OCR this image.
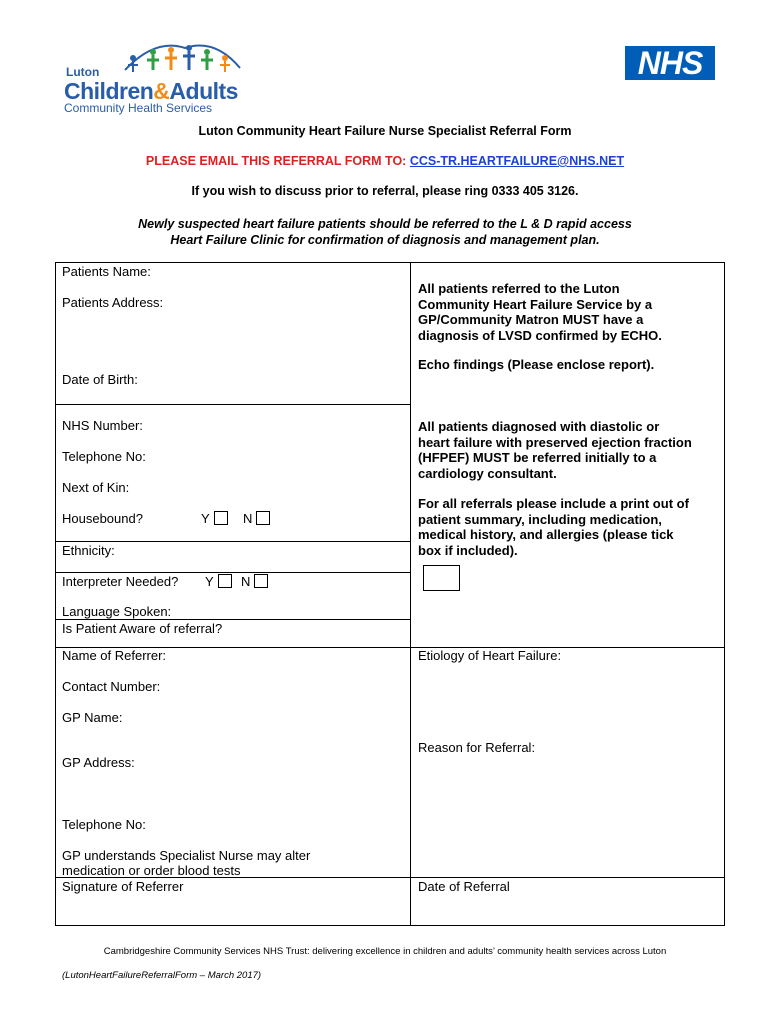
Luton
Children&Adults
Community Health Services
NHS
Luton Community Heart Failure Nurse Specialist Referral Form
PLEASE EMAIL THIS REFERRAL FORM TO: CCS-TR.HEARTFAILURE@NHS.NET
If you wish to discuss prior to referral, please ring 0333 405 3126.
Newly suspected heart failure patients should be referred to the L & D rapid access
Heart Failure Clinic for confirmation of diagnosis and management plan.
Patients Name:
Patients Address:
Date of Birth:
NHS Number:
Telephone No:
Next of Kin:
Housebound?	Y	N
Ethnicity:
Interpreter Needed? Y	N
Language Spoken:
Is Patient Aware of referral?
Name of Referrer:
Contact Number:
GP Name:
GP Address:
Telephone No:
GP understands Specialist Nurse may alter
medication or order blood tests
Signature of Referrer
All patients referred to the Luton
Community Heart Failure Service by a
GP/Community Matron MUST have a
diagnosis of LVSD confirmed by ECHO.
Echo findings (Please enclose report).
All patients diagnosed with diastolic or
heart failure with preserved ejection fraction
(HFPEF) MUST be referred initially to a
cardiology consultant.
For all referrals please include a print out of
patient summary, including medication,
medical history, and allergies (please tick
box if included).
Etiology of Heart Failure:
Reason for Referral:
Date of Referral
Cambridgeshire Community Services NHS Trust: delivering excellence in children and adults’ community health services across Luton
(LutonHeartFailureReferralForm – March 2017)
